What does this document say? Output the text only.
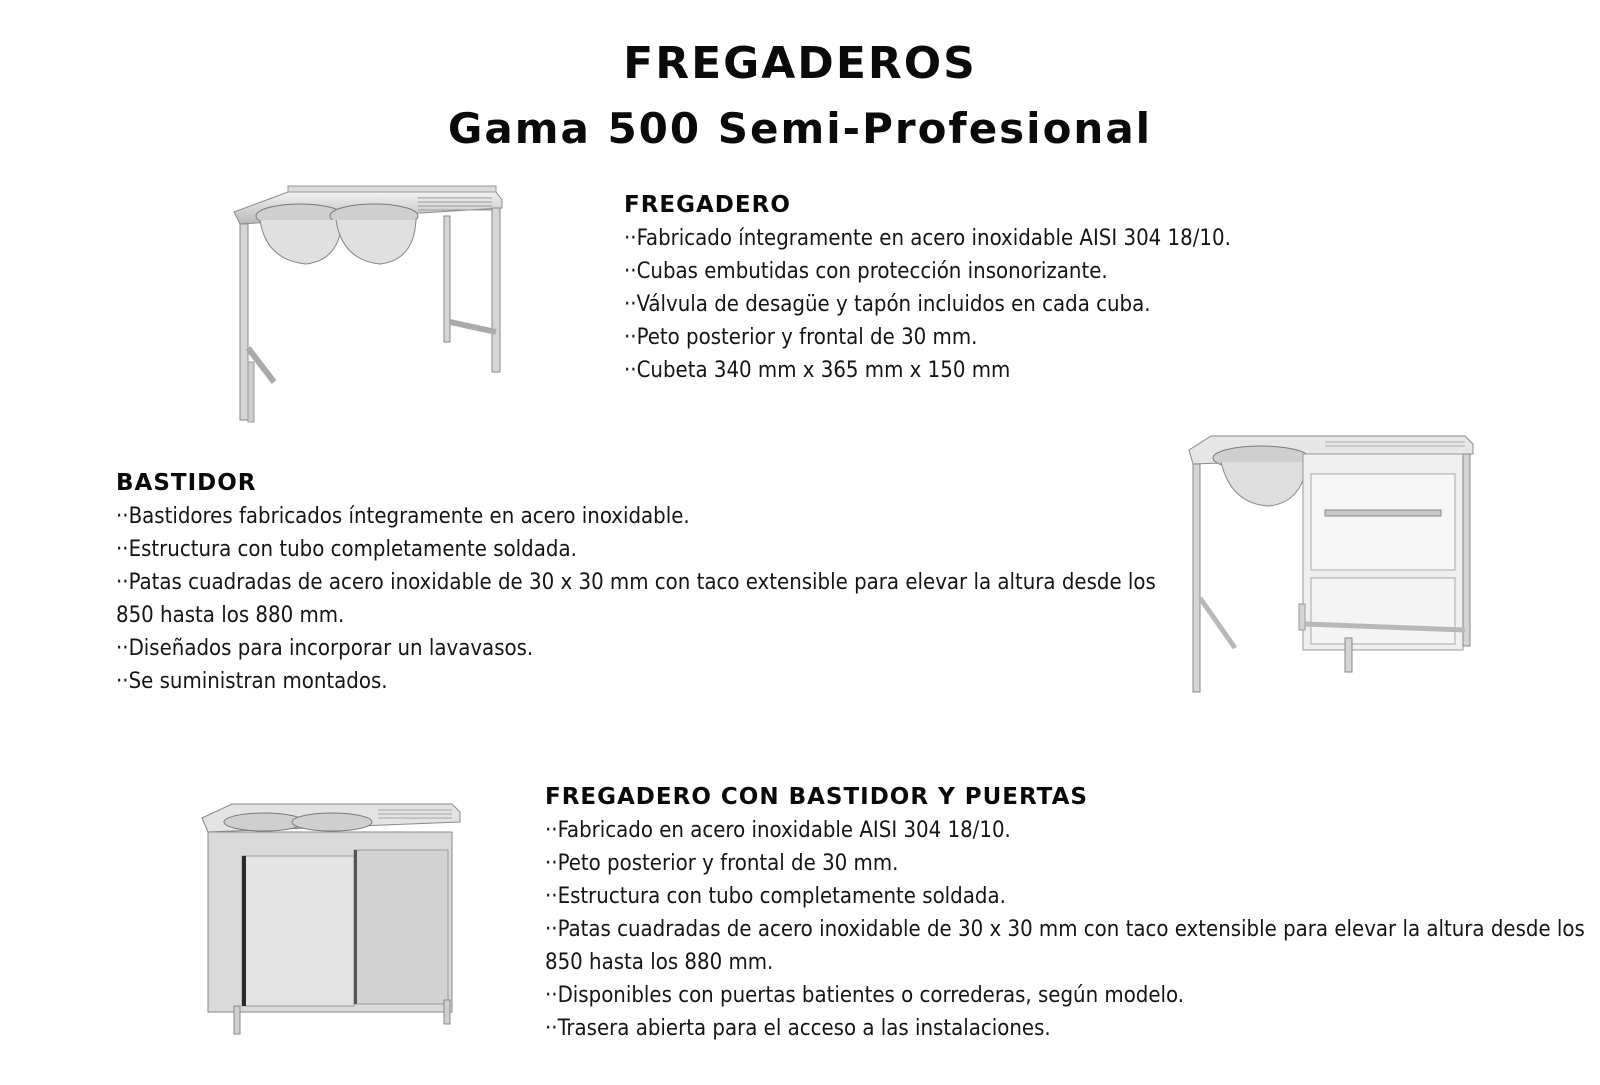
FREGADEROS
Gama 500 Semi-Profesional
FREGADERO
··Fabricado íntegramente en acero inoxidable AISI 304 18/10.
··Cubas embutidas con protección insonorizante.
··Válvula de desagüe y tapón incluidos en cada cuba.
··Peto posterior y frontal de 30 mm.
··Cubeta 340 mm x 365 mm x 150 mm
BASTIDOR
··Bastidores fabricados íntegramente en acero inoxidable.
··Estructura con tubo completamente soldada.
··Patas cuadradas de acero inoxidable de 30 x 30 mm con taco extensible para elevar la altura desde los 850 hasta los 880 mm.
··Diseñados para incorporar un lavavasos.
··Se suministran montados.
FREGADERO CON BASTIDOR Y PUERTAS
··Fabricado en acero inoxidable AISI 304 18/10.
··Peto posterior y frontal de 30 mm.
··Estructura con tubo completamente soldada.
··Patas cuadradas de acero inoxidable de 30 x 30 mm con taco extensible para elevar la altura desde los 850 hasta los 880 mm.
··Disponibles con puertas batientes o correderas, según modelo.
··Trasera abierta para el acceso a las instalaciones.
